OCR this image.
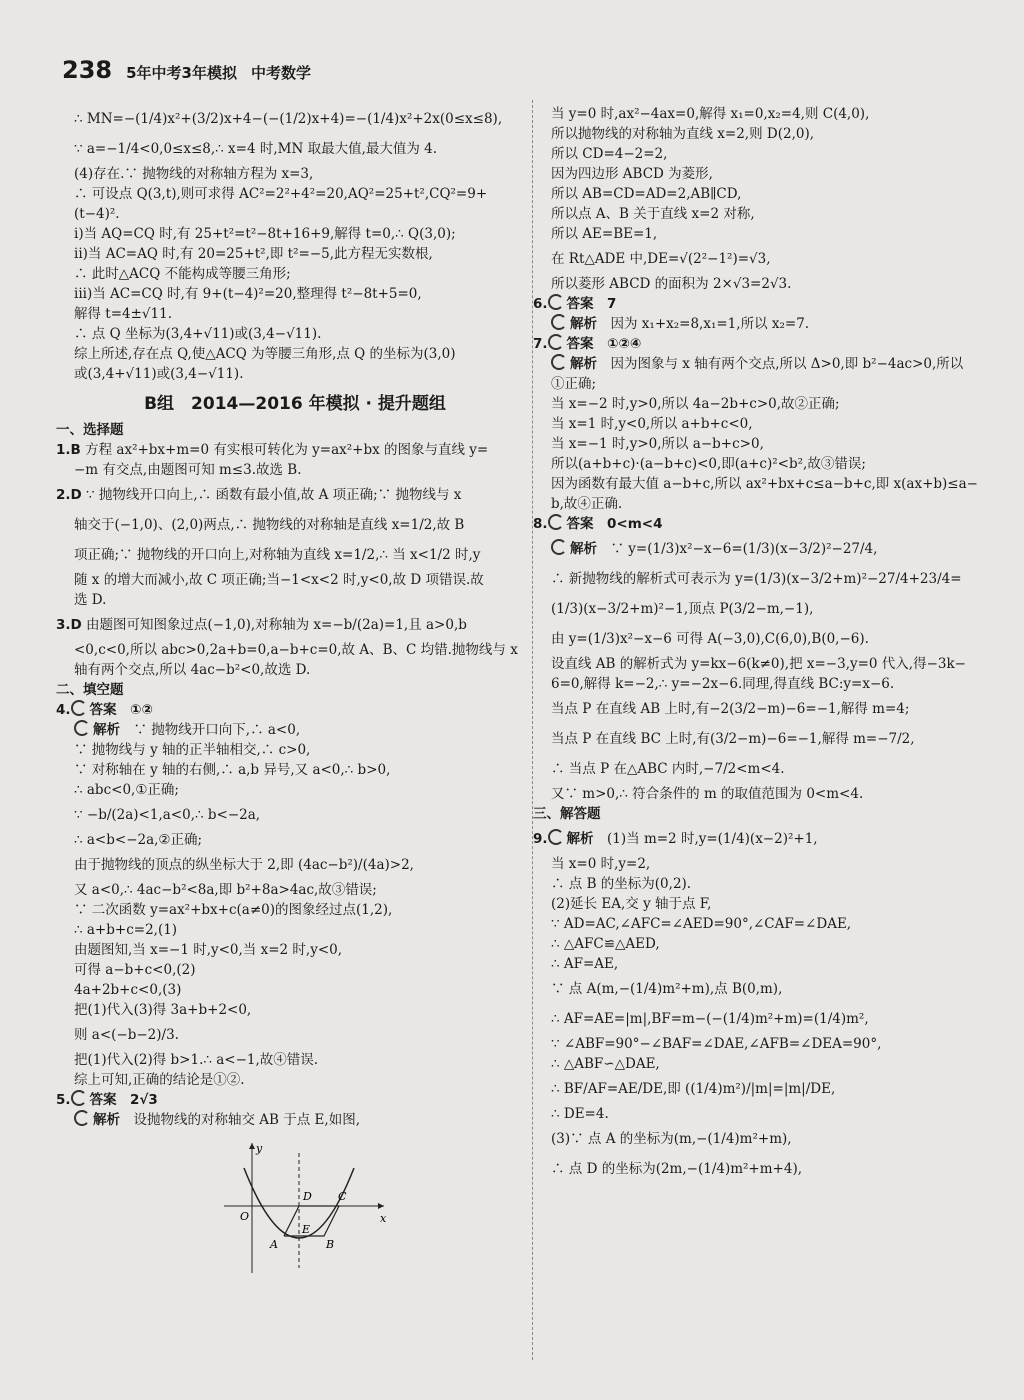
238 5年中考3年模拟 中考数学

∴ MN=−(1/4)x²+(3/2)x+4−(−(1/2)x+4)=−(1/4)x²+2x(0≤x≤8),

∵ a=−1/4<0,0≤x≤8,∴ x=4 时,MN 取最大值,最大值为 4.

(4)存在.∵ 抛物线的对称轴方程为 x=3,

∴ 可设点 Q(3,t),则可求得 AC²=2²+4²=20,AQ²=25+t²,CQ²=9+

(t−4)².

i)当 AQ=CQ 时,有 25+t²=t²−8t+16+9,解得 t=0,∴ Q(3,0);

ii)当 AC=AQ 时,有 20=25+t²,即 t²=−5,此方程无实数根,

∴ 此时△ACQ 不能构成等腰三角形;

iii)当 AC=CQ 时,有 9+(t−4)²=20,整理得 t²−8t+5=0,

解得 t=4±√11.

∴ 点 Q 坐标为(3,4+√11)或(3,4−√11).

综上所述,存在点 Q,使△ACQ 为等腰三角形,点 Q 的坐标为(3,0)

或(3,4+√11)或(3,4−√11).

B组　2014—2016 年模拟 · 提升题组

一、选择题

1.B 方程 ax²+bx+m=0 有实根可转化为 y=ax²+bx 的图象与直线 y=

−m 有交点,由题图可知 m≤3.故选 B.

2.D ∵ 抛物线开口向上,∴ 函数有最小值,故 A 项正确;∵ 抛物线与 x

轴交于(−1,0)、(2,0)两点,∴ 抛物线的对称轴是直线 x=1/2,故 B

项正确;∵ 抛物线的开口向上,对称轴为直线 x=1/2,∴ 当 x<1/2 时,y

随 x 的增大而减小,故 C 项正确;当−1<x<2 时,y<0,故 D 项错误.故

选 D.

3.D 由题图可知图象过点(−1,0),对称轴为 x=−b/(2a)=1,且 a>0,b

<0,c<0,所以 abc>0,2a+b=0,a−b+c=0,故 A、B、C 均错.抛物线与 x

轴有两个交点,所以 4ac−b²<0,故选 D.

二、填空题

4. 答案　①②

解析　 ∵ 抛物线开口向下,∴ a<0,

∵ 抛物线与 y 轴的正半轴相交,∴ c>0,

∵ 对称轴在 y 轴的右侧,∴ a,b 异号,又 a<0,∴ b>0,

∴ abc<0,①正确;

∵ −b/(2a)<1,a<0,∴ b<−2a,

∴ a<b<−2a,②正确;

由于抛物线的顶点的纵坐标大于 2,即 (4ac−b²)/(4a)>2,

又 a<0,∴ 4ac−b²<8a,即 b²+8a>4ac,故③错误;

∵ 二次函数 y=ax²+bx+c(a≠0)的图象经过点(1,2),

∴ a+b+c=2,(1)

由题图知,当 x=−1 时,y<0,当 x=2 时,y<0,

可得 a−b+c<0,(2)

4a+2b+c<0,(3)

把(1)代入(3)得 3a+b+2<0,

则 a<(−b−2)/3.

把(1)代入(2)得 b>1.∴ a<−1,故④错误.

综上可知,正确的结论是①②.

5. 答案　2√3

解析　 设抛物线的对称轴交 AB 于点 E,如图,

y
x
O
D C
E
A	B

当 y=0 时,ax²−4ax=0,解得 x₁=0,x₂=4,则 C(4,0),

所以抛物线的对称轴为直线 x=2,则 D(2,0),

所以 CD=4−2=2,

因为四边形 ABCD 为菱形,

所以 AB=CD=AD=2,AB∥CD,

所以点 A、B 关于直线 x=2 对称,

所以 AE=BE=1,

在 Rt△ADE 中,DE=√(2²−1²)=√3,

所以菱形 ABCD 的面积为 2×√3=2√3.

6. 答案　7

解析　 因为 x₁+x₂=8,x₁=1,所以 x₂=7.

7. 答案　①②④

解析　 因为图象与 x 轴有两个交点,所以 Δ>0,即 b²−4ac>0,所以

①正确;

当 x=−2 时,y>0,所以 4a−2b+c>0,故②正确;

当 x=1 时,y<0,所以 a+b+c<0,

当 x=−1 时,y>0,所以 a−b+c>0,

所以(a+b+c)·(a−b+c)<0,即(a+c)²<b²,故③错误;

因为函数有最大值 a−b+c,所以 ax²+bx+c≤a−b+c,即 x(ax+b)≤a−

b,故④正确.

8. 答案　0<m<4

解析　 ∵ y=(1/3)x²−x−6=(1/3)(x−3/2)²−27/4,

∴ 新抛物线的解析式可表示为 y=(1/3)(x−3/2+m)²−27/4+23/4=

(1/3)(x−3/2+m)²−1,顶点 P(3/2−m,−1),

由 y=(1/3)x²−x−6 可得 A(−3,0),C(6,0),B(0,−6).

设直线 AB 的解析式为 y=kx−6(k≠0),把 x=−3,y=0 代入,得−3k−

6=0,解得 k=−2,∴ y=−2x−6.同理,得直线 BC:y=x−6.

当点 P 在直线 AB 上时,有−2(3/2−m)−6=−1,解得 m=4;

当点 P 在直线 BC 上时,有(3/2−m)−6=−1,解得 m=−7/2,

∴ 当点 P 在△ABC 内时,−7/2<m<4.

又∵ m>0,∴ 符合条件的 m 的取值范围为 0<m<4.

三、解答题

9. 解析　 (1)当 m=2 时,y=(1/4)(x−2)²+1,

当 x=0 时,y=2,

∴ 点 B 的坐标为(0,2).

(2)延长 EA,交 y 轴于点 F,

∵ AD=AC,∠AFC=∠AED=90°,∠CAF=∠DAE,

∴ △AFC≌△AED,

∴ AF=AE,

∵ 点 A(m,−(1/4)m²+m),点 B(0,m),

∴ AF=AE=|m|,BF=m−(−(1/4)m²+m)=(1/4)m²,

∵ ∠ABF=90°−∠BAF=∠DAE,∠AFB=∠DEA=90°,

∴ △ABF∽△DAE,

∴ BF/AF=AE/DE,即 ((1/4)m²)/|m|=|m|/DE,

∴ DE=4.

(3)∵ 点 A 的坐标为(m,−(1/4)m²+m),

∴ 点 D 的坐标为(2m,−(1/4)m²+m+4),
